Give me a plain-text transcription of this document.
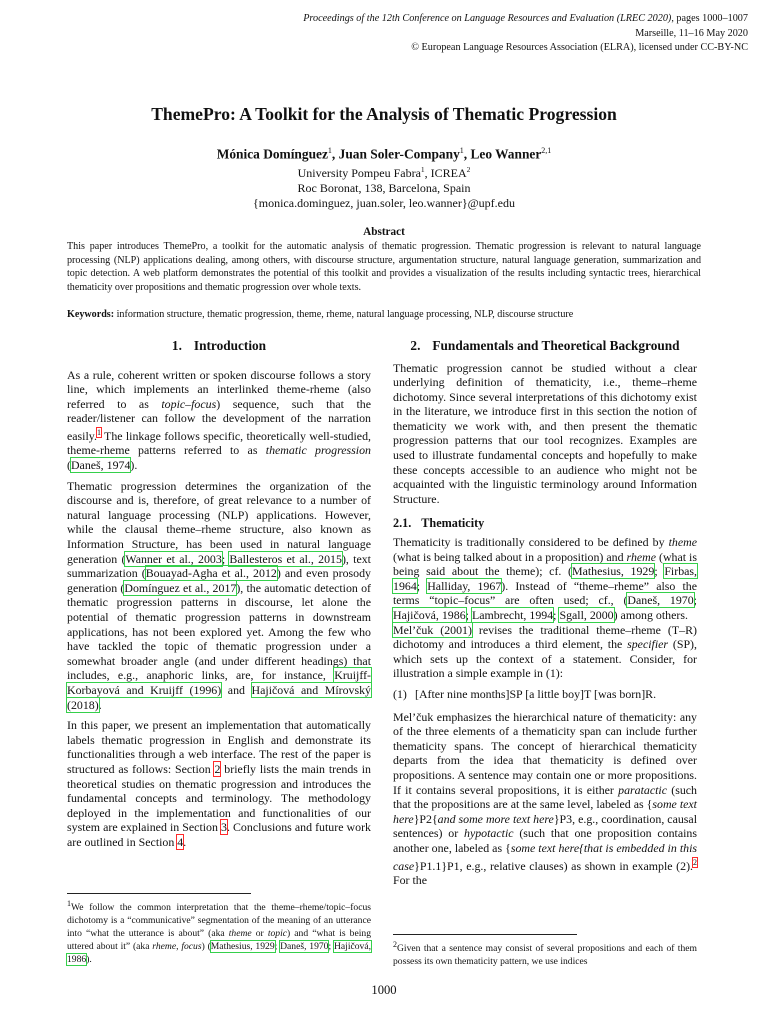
Proceedings of the 12th Conference on Language Resources and Evaluation (LREC 2020), pages 1000–1007
Marseille, 11–16 May 2020
© European Language Resources Association (ELRA), licensed under CC-BY-NC
ThemePro: A Toolkit for the Analysis of Thematic Progression
Mónica Domínguez$^1$, Juan Soler-Company$^1$, Leo Wanner$^{2,1}$
University Pompeu Fabra$^1$, ICREA$^2$
Roc Boronat, 138, Barcelona, Spain
{monica.dominguez, juan.soler, leo.wanner}@upf.edu
Abstract
This paper introduces ThemePro, a toolkit for the automatic analysis of thematic progression. Thematic progression is relevant to natural language processing (NLP) applications dealing, among others, with discourse structure, argumentation structure, natural language generation, summarization and topic detection. A web platform demonstrates the potential of this toolkit and provides a visualization of the results including syntactic trees, hierarchical thematicity over propositions and thematic progression over whole texts.
Keywords: information structure, thematic progression, theme, rheme, natural language processing, NLP, discourse structure
1. Introduction

As a rule, coherent written or spoken discourse follows a story line, which implements an interlinked theme-rheme (also referred to as topic–focus) sequence, such that the reader/listener can follow the development of the narration easily.$^1$ The linkage follows specific, theoretically well-studied, theme-rheme patterns referred to as thematic progression (Daneš, 1974).

Thematic progression determines the organization of the discourse and is, therefore, of great relevance to a number of natural language processing (NLP) applications. However, while the clausal theme–rheme structure, also known as Information Structure, has been used in natural language generation (Wanner et al., 2003; Ballesteros et al., 2015), text summarization (Bouayad-Agha et al., 2012) and even prosody generation (Domínguez et al., 2017), the automatic detection of thematic progression patterns in discourse, let alone the potential of thematic progression patterns in downstream applications, has not been explored yet. Among the few who have tackled the topic of thematic progression under a somewhat broader angle (and under different headings) that includes, e.g., anaphoric links, are, for instance, Kruijff-Korbayová and Kruijff (1996) and Hajičová and Mírovský (2018).

In this paper, we present an implementation that automatically labels thematic progression in English and demonstrate its functionalities through a web interface. The rest of the paper is structured as follows: Section 2 briefly lists the main trends in theoretical studies on thematic progression and introduces the fundamental concepts and terminology. The methodology deployed in the implementation and functionalities of our system are explained in Section 3. Conclusions and future work are outlined in Section 4.

2. Fundamentals and Theoretical Background

Thematic progression cannot be studied without a clear underlying definition of thematicity, i.e., theme–rheme dichotomy. Since several interpretations of this dichotomy exist in the literature, we introduce first in this section the notion of thematicity we work with, and then present the thematic progression patterns that our tool recognizes. Examples are used to illustrate fundamental concepts and hopefully to make these concepts accessible to an audience who might not be acquainted with the linguistic terminology around Information Structure.

2.1. Thematicity

Thematicity is traditionally considered to be defined by theme (what is being talked about in a proposition) and rheme (what is being said about the theme); cf. (Mathesius, 1929; Firbas, 1964; Halliday, 1967). Instead of “theme–rheme” also the terms “topic–focus” are often used; cf., (Daneš, 1970; Hajičová, 1986; Lambrecht, 1994; Sgall, 2000) among others.

Mel’čuk (2001) revises the traditional theme–rheme (T–R) dichotomy and introduces a third element, the specifier (SP), which sets up the context of a statement. Consider, for illustration a simple example in (1):

(1) [After nine months]SP [a little boy]T [was born]R.

Mel’čuk emphasizes the hierarchical nature of thematicity: any of the three elements of a thematicity span can include further thematicity spans. The concept of hierarchical thematicity departs from the idea that thematicity is defined over propositions. A sentence may contain one or more propositions. If it contains several propositions, it is either paratactic (such that the propositions are at the same level, labeled as {some text here}P2{and some more text here}P3, e.g., coordination, causal sentences) or hypotactic (such that one proposition contains another one, labeled as {some text here{that is embedded in this case}P1.1}P1, e.g., relative clauses) as shown in example (2).$^2$ For the

$^1$We follow the common interpretation that the theme–rheme/topic–focus dichotomy is a “communicative” segmentation of the meaning of an utterance into “what the utterance is about” (aka theme or topic) and “what is being uttered about it” (aka rheme, focus) (Mathesius, 1929; Daneš, 1970; Hajičová, 1986).
$^2$Given that a sentence may consist of several propositions and each of them possess its own thematicity pattern, we use indices
1000
